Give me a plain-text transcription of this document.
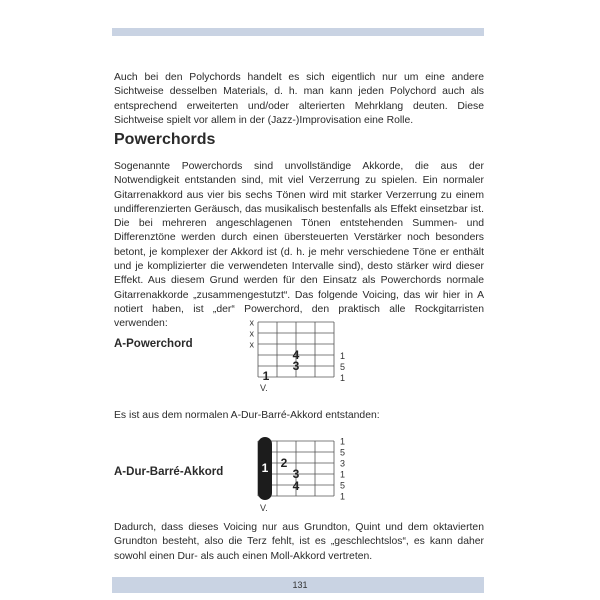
Auch bei den Polychords handelt es sich eigentlich nur um eine andere Sichtweise desselben Materials, d. h. man kann jeden Polychord auch als entsprechend erweiterten und/oder alterierten Mehrklang deuten. Diese Sichtweise spielt vor allem in der (Jazz-)Improvisation eine Rolle.

Powerchords

Sogenannte Powerchords sind unvollständige Akkorde, die aus der Notwendigkeit entstanden sind, mit viel Verzerrung zu spielen. Ein normaler Gitarrenakkord aus vier bis sechs Tönen wird mit starker Verzerrung zu einem undifferenzierten Geräusch, das musikalisch bestenfalls als Effekt einsetzbar ist. Die bei mehreren angeschlagenen Tönen entstehenden Summen- und Differenztöne werden durch einen übersteuerten Verstärker noch besonders betont, je komplexer der Akkord ist (d. h. je mehr verschiedene Töne er enthält und je komplizierter die verwendeten Intervalle sind), desto stärker wird dieser Effekt. Aus diesem Grund werden für den Einsatz als Powerchords normale Gitarrenakkorde „zusammengestutzt“. Das folgende Voicing, das wir hier in A notiert haben, ist „der“ Powerchord, den praktisch alle Rockgitarristen verwenden:

A-Powerchord

Es ist aus dem normalen A-Dur-Barré-Akkord entstanden:

A-Dur-Barré-Akkord

Dadurch, dass dieses Voicing nur aus Grundton, Quint und dem oktavierten Grundton besteht, also die Terz fehlt, ist es „geschlechtslos“, es kann daher sowohl einen Dur- als auch einen Moll-Akkord vertreten.

x
x
x
4
3
1
1
5
1
V.
1 2
3
4
1
5
3
1
5
1
V.
131
